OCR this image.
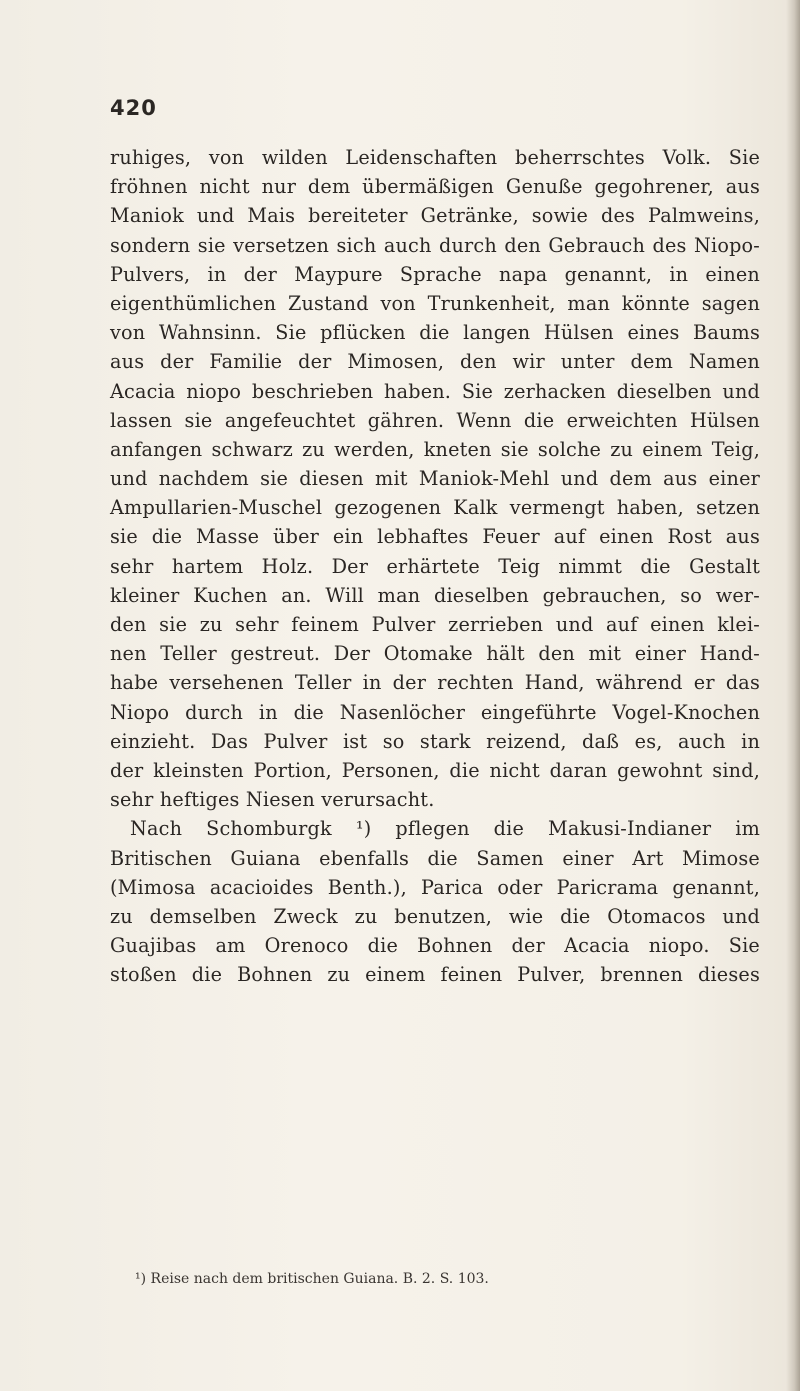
420
ruhiges, von wilden Leidenschaften beherrschtes Volk. Sie
fröhnen nicht nur dem übermäßigen Genuße gegohrener, aus
Maniok und Mais bereiteter Getränke, sowie des Palmweins,
sondern sie versetzen sich auch durch den Gebrauch des Niopo-
Pulvers, in der Maypure Sprache napa genannt, in einen
eigenthümlichen Zustand von Trunkenheit, man könnte sagen
von Wahnsinn. Sie pflücken die langen Hülsen eines Baums
aus der Familie der Mimosen, den wir unter dem Namen
Acacia niopo beschrieben haben. Sie zerhacken dieselben und
lassen sie angefeuchtet gähren. Wenn die erweichten Hülsen
anfangen schwarz zu werden, kneten sie solche zu einem Teig,
und nachdem sie diesen mit Maniok-Mehl und dem aus einer
Ampullarien-Muschel gezogenen Kalk vermengt haben, setzen
sie die Masse über ein lebhaftes Feuer auf einen Rost aus
sehr hartem Holz. Der erhärtete Teig nimmt die Gestalt
kleiner Kuchen an. Will man dieselben gebrauchen, so wer-
den sie zu sehr feinem Pulver zerrieben und auf einen klei-
nen Teller gestreut. Der Otomake hält den mit einer Hand-
habe versehenen Teller in der rechten Hand, während er das
Niopo durch in die Nasenlöcher eingeführte Vogel-Knochen
einzieht. Das Pulver ist so stark reizend, daß es, auch in
der kleinsten Portion, Personen, die nicht daran gewohnt sind,
sehr heftiges Niesen verursacht.
Nach Schomburgk ¹) pflegen die Makusi-Indianer im
Britischen Guiana ebenfalls die Samen einer Art Mimose
(Mimosa acacioides Benth.), Parica oder Paricrama genannt,
zu demselben Zweck zu benutzen, wie die Otomacos und
Guajibas am Orenoco die Bohnen der Acacia niopo. Sie
stoßen die Bohnen zu einem feinen Pulver, brennen dieses
¹) Reise nach dem britischen Guiana. B. 2. S. 103.
